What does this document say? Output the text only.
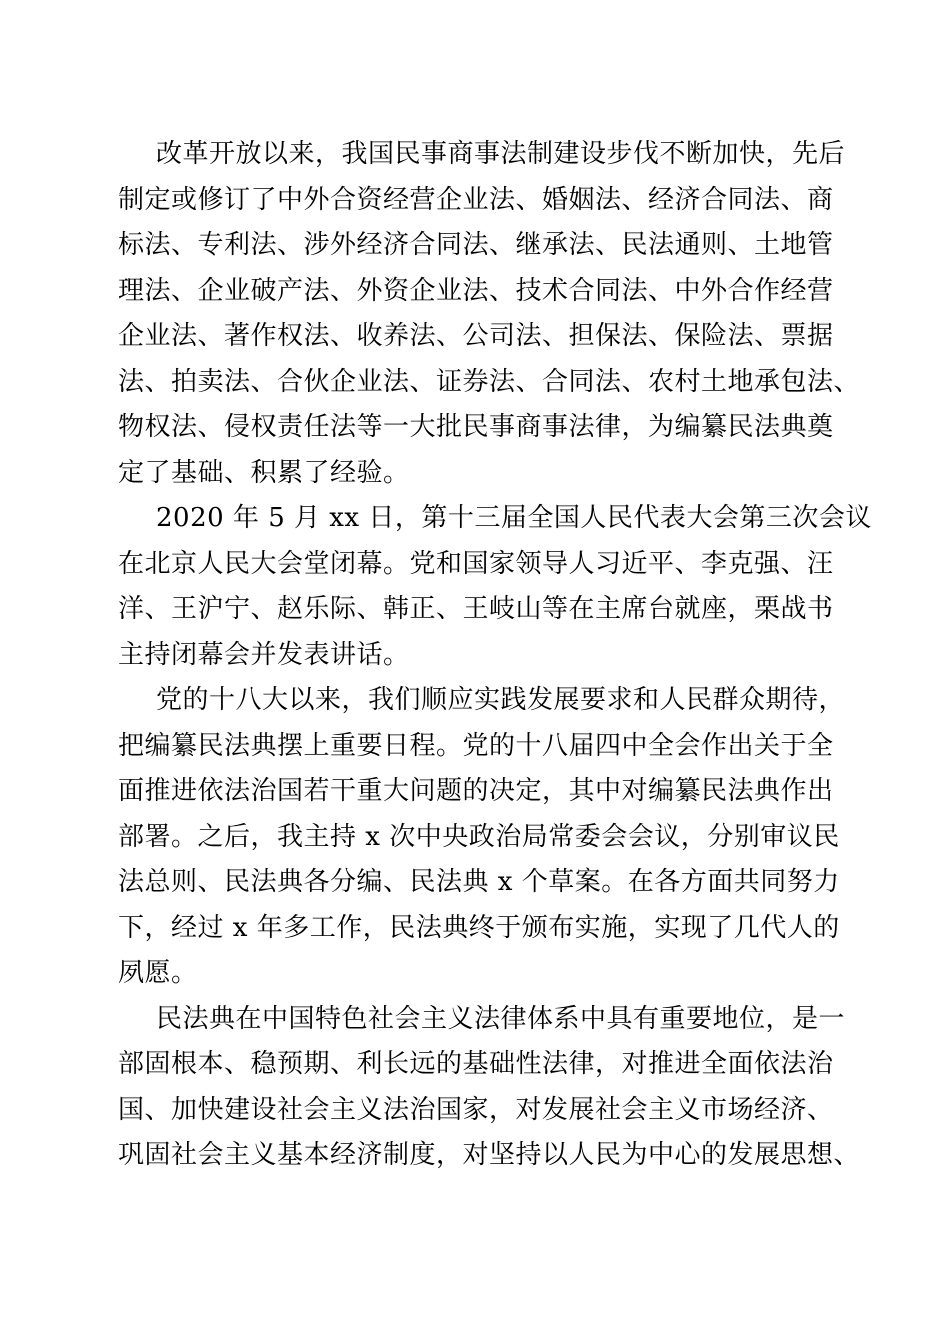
改革开放以来，我国民事商事法制建设步伐不断加快，先后
制定或修订了中外合资经营企业法、婚姻法、经济合同法、商
标法、专利法、涉外经济合同法、继承法、民法通则、土地管
理法、企业破产法、外资企业法、技术合同法、中外合作经营
企业法、著作权法、收养法、公司法、担保法、保险法、票据
法、拍卖法、合伙企业法、证券法、合同法、农村土地承包法、
物权法、侵权责任法等一大批民事商事法律，为编纂民法典奠
定了基础、积累了经验。
2020 年 5 月 xx 日，第十三届全国人民代表大会第三次会议
在北京人民大会堂闭幕。党和国家领导人习近平、李克强、汪
洋、王沪宁、赵乐际、韩正、王岐山等在主席台就座，栗战书
主持闭幕会并发表讲话。
党的十八大以来，我们顺应实践发展要求和人民群众期待，
把编纂民法典摆上重要日程。党的十八届四中全会作出关于全
面推进依法治国若干重大问题的决定，其中对编纂民法典作出
部署。之后，我主持 x 次中央政治局常委会会议，分别审议民
法总则、民法典各分编、民法典 x 个草案。在各方面共同努力
下，经过 x 年多工作，民法典终于颁布实施，实现了几代人的
夙愿。
民法典在中国特色社会主义法律体系中具有重要地位，是一
部固根本、稳预期、利长远的基础性法律，对推进全面依法治
国、加快建设社会主义法治国家，对发展社会主义市场经济、
巩固社会主义基本经济制度，对坚持以人民为中心的发展思想、
